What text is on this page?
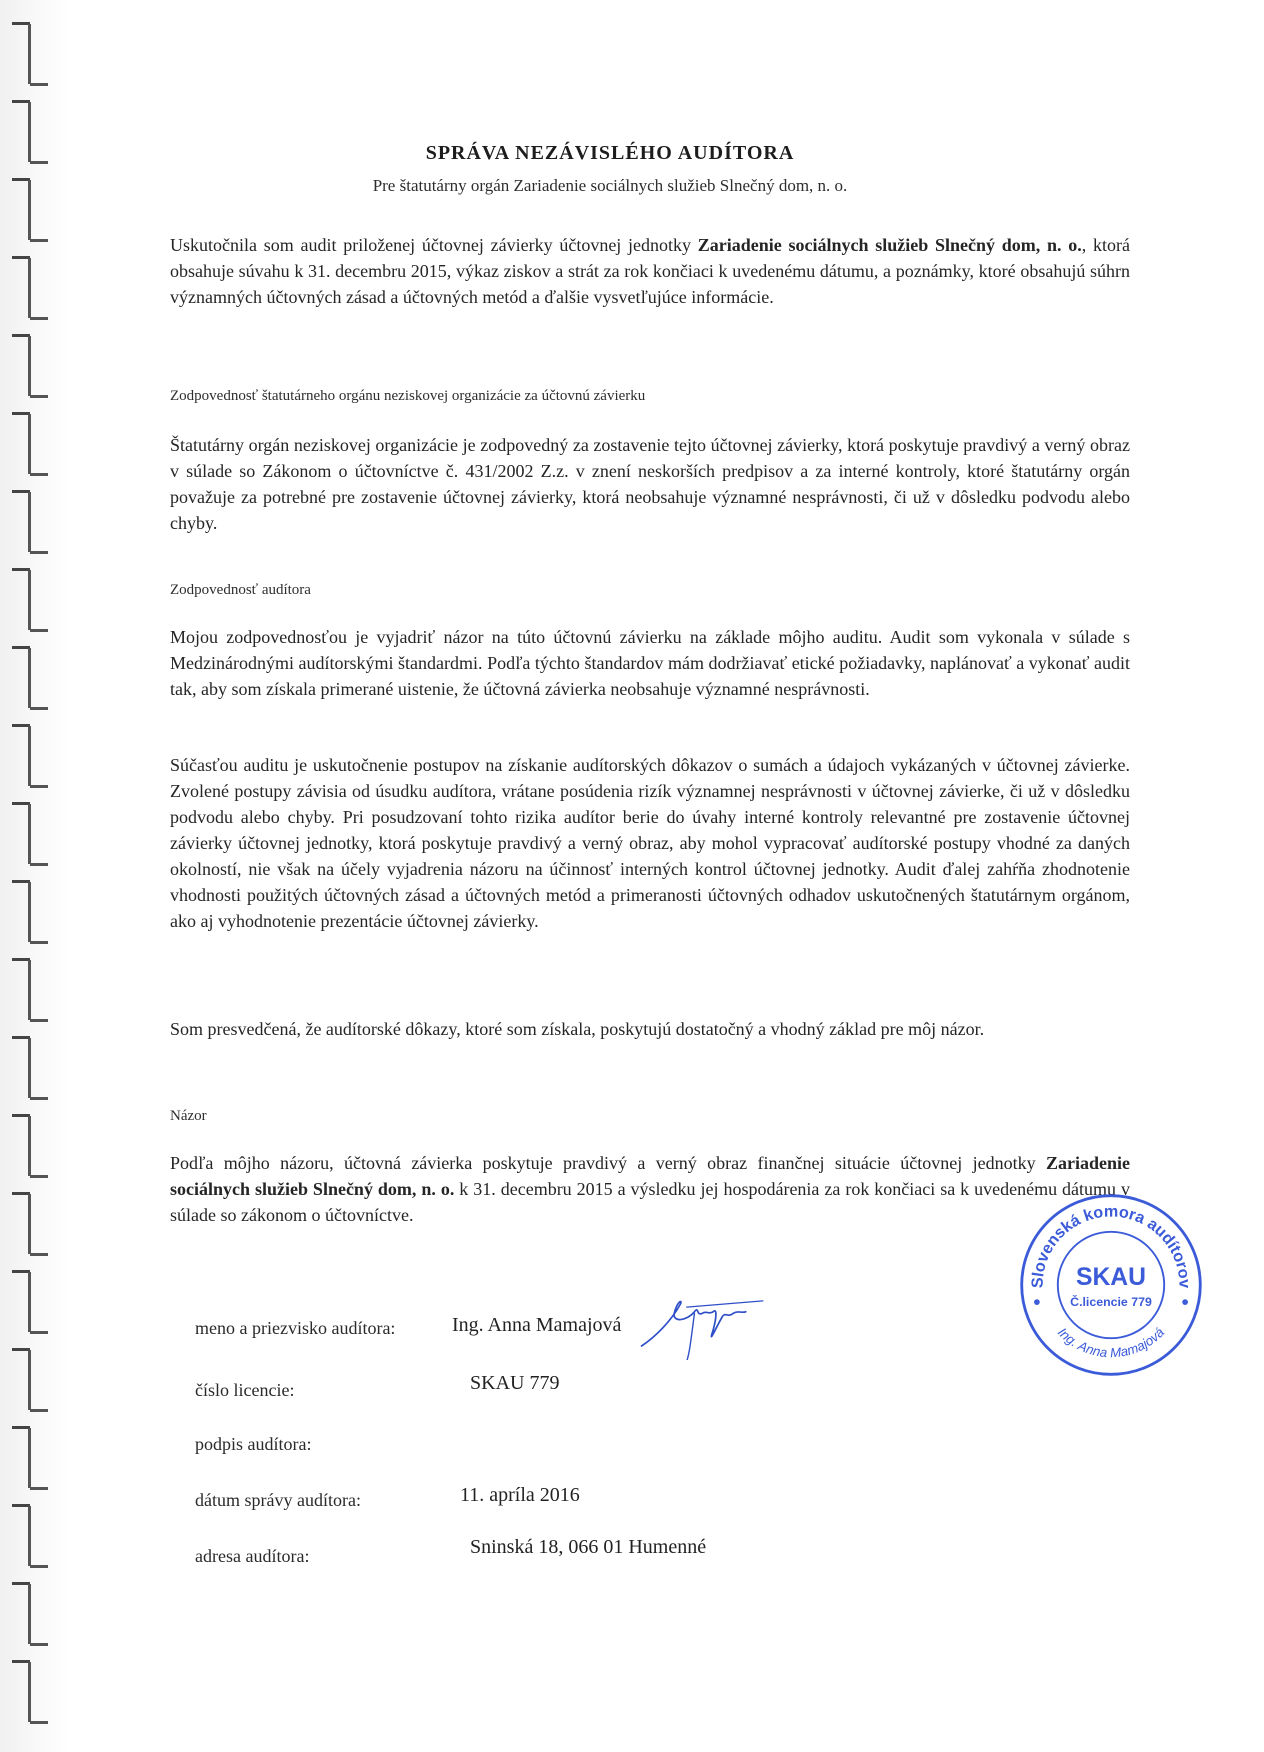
SPRÁVA NEZÁVISLÉHO AUDÍTORA
Pre štatutárny orgán Zariadenie sociálnych služieb Slnečný dom, n. o.

Uskutočnila som audit priloženej účtovnej závierky účtovnej jednotky Zariadenie sociálnych služieb Slnečný dom, n. o., ktorá obsahuje súvahu k 31. decembru 2015, výkaz ziskov a strát za rok končiaci k uvedenému dátumu, a poznámky, ktoré obsahujú súhrn významných účtovných zásad a účtovných metód a ďalšie vysvetľujúce informácie.

Zodpovednosť štatutárneho orgánu neziskovej organizácie za účtovnú závierku

Štatutárny orgán neziskovej organizácie je zodpovedný za zostavenie tejto účtovnej závierky, ktorá poskytuje pravdivý a verný obraz v súlade so Zákonom o účtovníctve č. 431/2002 Z.z. v znení neskorších predpisov a za interné kontroly, ktoré štatutárny orgán považuje za potrebné pre zostavenie účtovnej závierky, ktorá neobsahuje významné nesprávnosti, či už v dôsledku podvodu alebo chyby.

Zodpovednosť audítora

Mojou zodpovednosťou je vyjadriť názor na túto účtovnú závierku na základe môjho auditu. Audit som vykonala v súlade s Medzinárodnými audítorskými štandardmi. Podľa týchto štandardov mám dodržiavať etické požiadavky, naplánovať a vykonať audit tak, aby som získala primerané uistenie, že účtovná závierka neobsahuje významné nesprávnosti.

Súčasťou auditu je uskutočnenie postupov na získanie audítorských dôkazov o sumách a údajoch vykázaných v účtovnej závierke. Zvolené postupy závisia od úsudku audítora, vrátane posúdenia rizík významnej nesprávnosti v účtovnej závierke, či už v dôsledku podvodu alebo chyby. Pri posudzovaní tohto rizika audítor berie do úvahy interné kontroly relevantné pre zostavenie účtovnej závierky účtovnej jednotky, ktorá poskytuje pravdivý a verný obraz, aby mohol vypracovať audítorské postupy vhodné za daných okolností, nie však na účely vyjadrenia názoru na účinnosť interných kontrol účtovnej jednotky. Audit ďalej zahŕňa zhodnotenie vhodnosti použitých účtovných zásad a účtovných metód a primeranosti účtovných odhadov uskutočnených štatutárnym orgánom, ako aj vyhodnotenie prezentácie účtovnej závierky.

Som presvedčená, že audítorské dôkazy, ktoré som získala, poskytujú dostatočný a vhodný základ pre môj názor.

Názor

Podľa môjho názoru, účtovná závierka poskytuje pravdivý a verný obraz finančnej situácie účtovnej jednotky Zariadenie sociálnych služieb Slnečný dom, n. o. k 31. decembru 2015 a výsledku jej hospodárenia za rok končiaci sa k uvedenému dátumu v súlade so zákonom o účtovníctve.

meno a priezvisko audítora:	Ing. Anna Mamajová
číslo licencie:	SKAU 779
podpis audítora:
dátum správy audítora:	11. apríla 2016
adresa audítora:	Sninská 18, 066 01 Humenné
Slovenská komora audítorov
Ing. Anna Mamajová
SKAU
Č.licencie 779
